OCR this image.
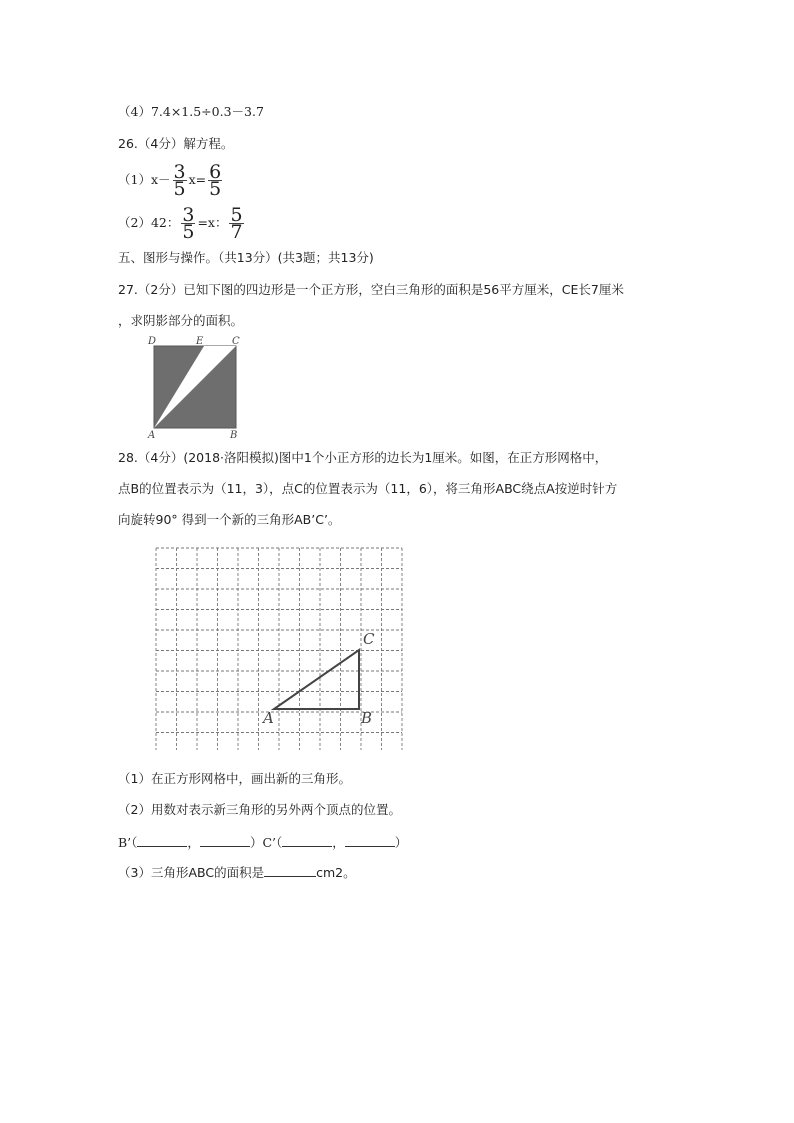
（4）7.4×1.5÷0.3－3.7
26.（4分）解方程。
$(1)x- \frac{3}{5} x= \frac{6}{5}$
（2）42： $\frac{3}{5} =x$： $\frac{5}{7}$
五、图形与操作。（共13分）(共3题；共13分)
27.（2分）已知下图的四边形是一个正方形，空白三角形的面积是56平方厘米，CE长7厘米
，求阴影部分的面积。
D	E	C
A	B
28.（4分）(2018·洛阳模拟)图中1个小正方形的边长为1厘米。如图，在正方形网格中，
点B的位置表示为（11，3），点C的位置表示为（11，6），将三角形ABC绕点A按逆时针方
向旋转90° 得到一个新的三角形AB’C’。
A	B
C
（1）在正方形网格中，画出新的三角形。
（2）用数对表示新三角形的另外两个顶点的位置。
B’（	，	）C’（	，	）
（3）三角形ABC的面积是	cm2。
